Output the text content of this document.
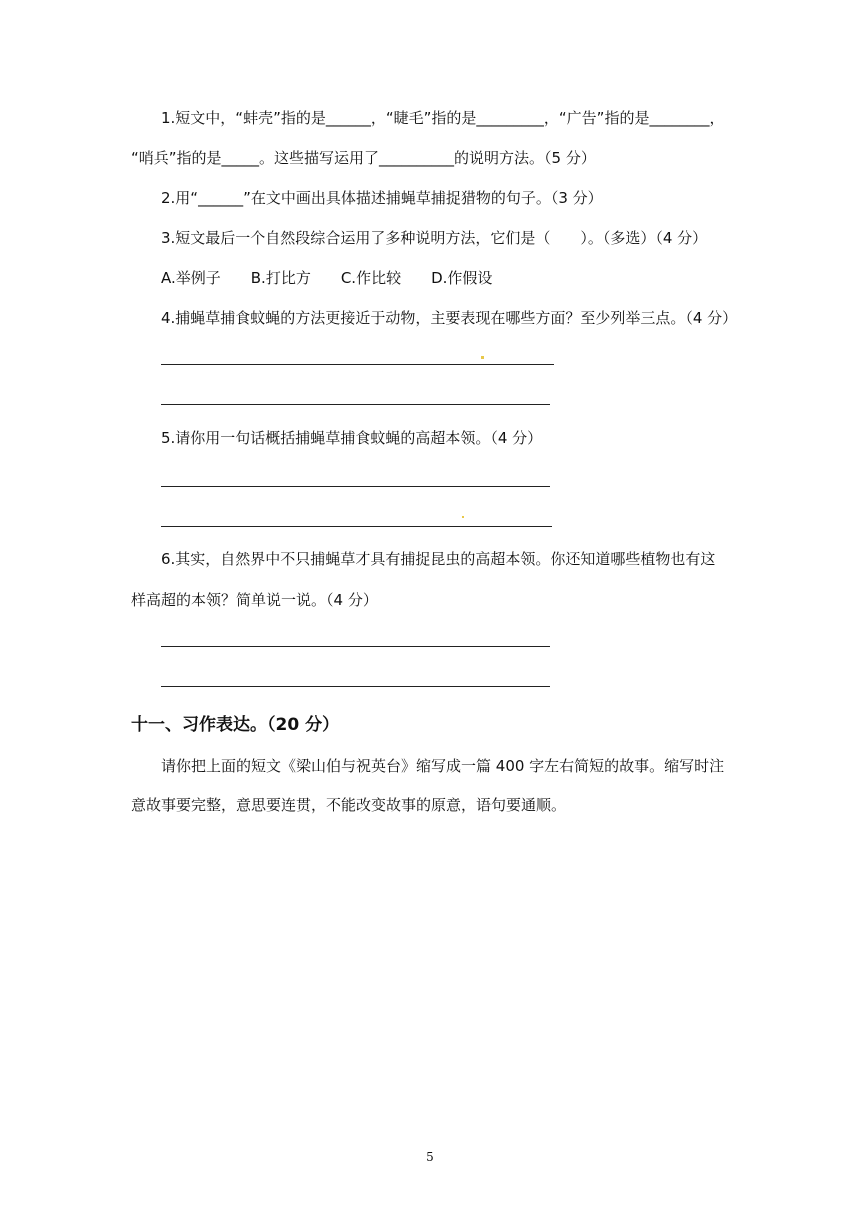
1.短文中，“蚌壳”指的是______，“睫毛”指的是_________，“广告”指的是________，
“哨兵”指的是_____。这些描写运用了__________的说明方法。（5 分）
2.用“______”在文中画出具体描述捕蝇草捕捉猎物的句子。（3 分）
3.短文最后一个自然段综合运用了多种说明方法，它们是（　　）。（多选）（4 分）
A.举例子　　B.打比方　　C.作比较　　D.作假设
4.捕蝇草捕食蚊蝇的方法更接近于动物，主要表现在哪些方面？至少列举三点。（4 分）
5.请你用一句话概括捕蝇草捕食蚊蝇的高超本领。（4 分）
6.其实，自然界中不只捕蝇草才具有捕捉昆虫的高超本领。你还知道哪些植物也有这
样高超的本领？简单说一说。（4 分）
十一、习作表达。（20 分）
请你把上面的短文《梁山伯与祝英台》缩写成一篇 400 字左右简短的故事。缩写时注
意故事要完整，意思要连贯，不能改变故事的原意，语句要通顺。
5
